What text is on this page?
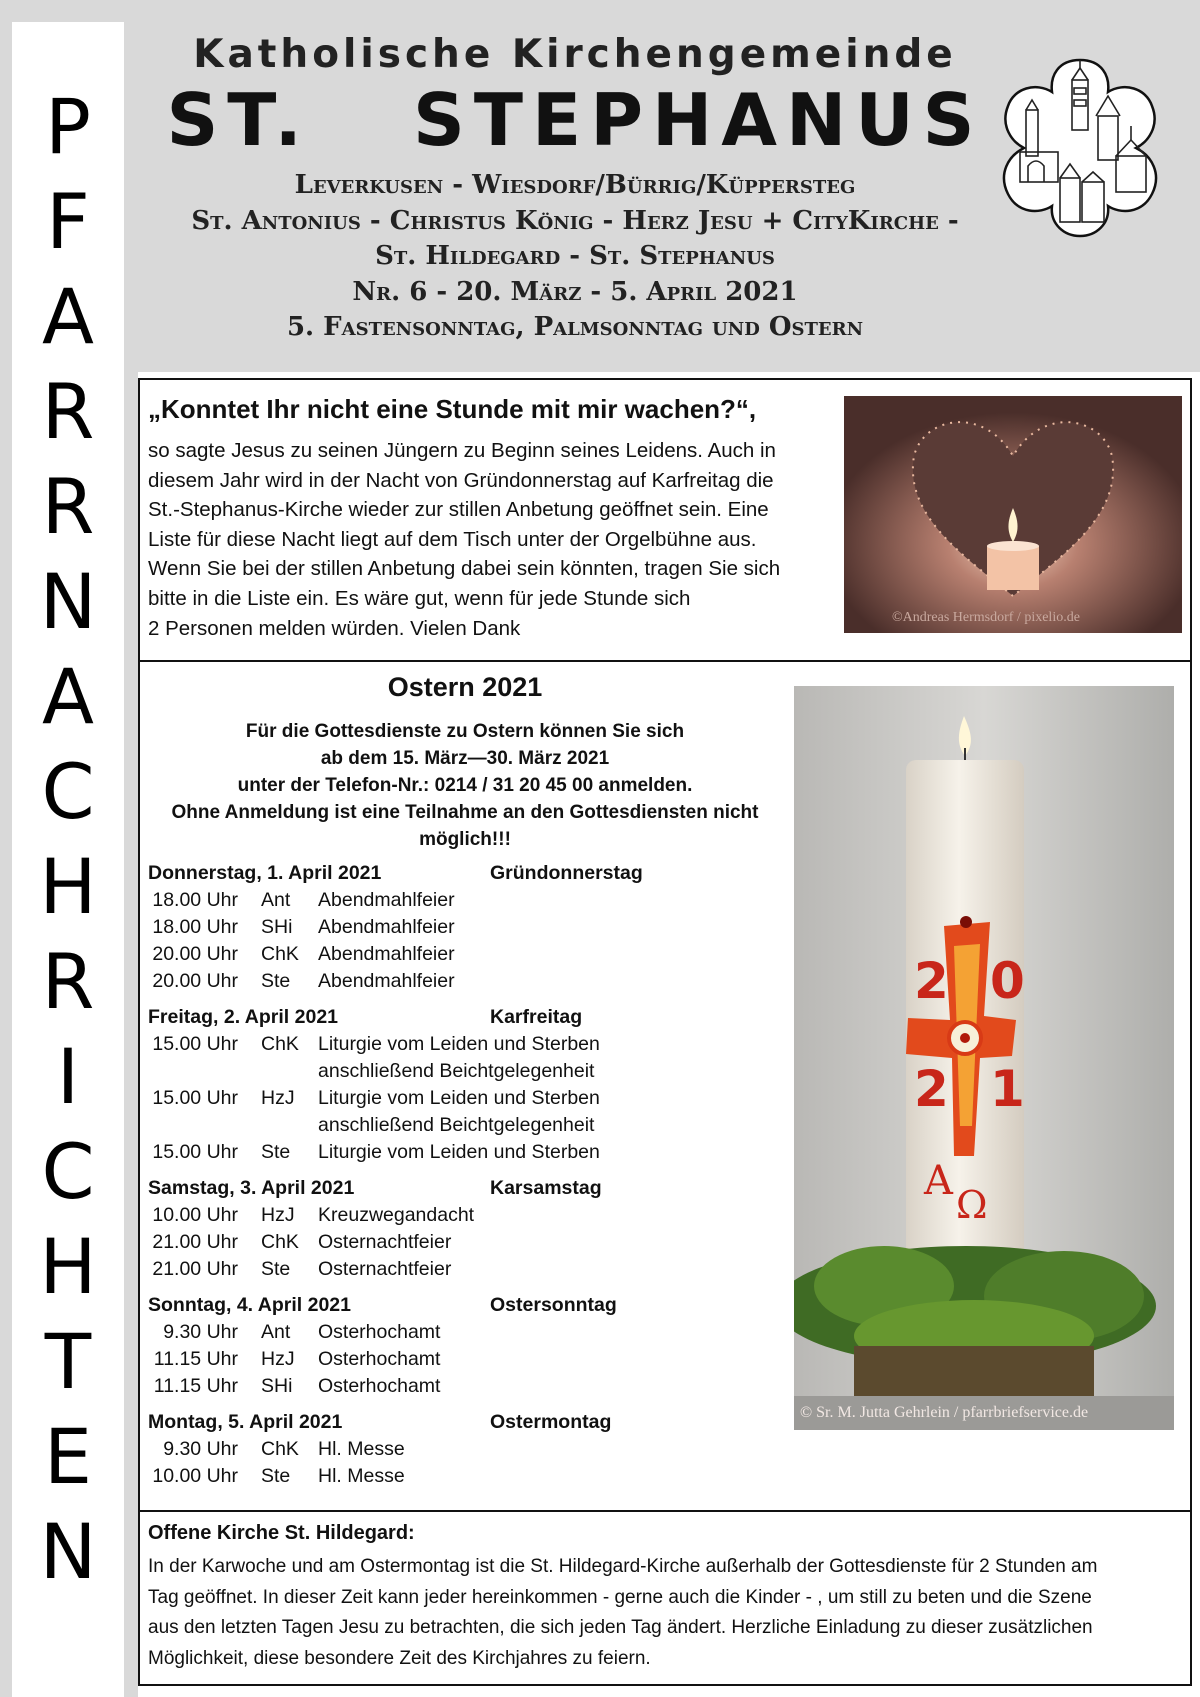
P
F
A
R
R
N
A
C
H
R
I
C
H
T
E
N
Katholische Kirchengemeinde
ST.   STEPHANUS
Leverkusen - Wiesdorf/Bürrig/Küppersteg
St. Antonius - Christus König - Herz Jesu + CityKirche -
St. Hildegard - St. Stephanus
Nr. 6 - 20. März - 5. April 2021
5. Fastensonntag, Palmsonntag und Ostern
„Konntet Ihr nicht eine Stunde mit mir wachen?“,
so sagte Jesus zu seinen Jüngern zu Beginn seines Leidens. Auch in
diesem Jahr wird in der Nacht von Gründonnerstag auf Karfreitag die
St.-Stephanus-Kirche wieder zur stillen Anbetung geöffnet sein. Eine
Liste für diese Nacht liegt auf dem Tisch unter der Orgelbühne aus.
Wenn Sie bei der stillen Anbetung dabei sein könnten, tragen Sie sich
bitte in die Liste ein. Es wäre gut, wenn für jede Stunde sich
2 Personen melden würden. Vielen Dank	©Andreas Hermsdorf / pixelio.de
Ostern 2021
Für die Gottesdienste zu Ostern können Sie sich
ab dem 15. März—30. März 2021
unter der Telefon-Nr.: 0214 / 31 20 45 00 anmelden.
Ohne Anmeldung ist eine Teilnahme an den Gottesdiensten nicht
möglich!!!
Donnerstag, 1. April 2021	Gründonnerstag
18.00 Uhr Ant Abendmahlfeier
18.00 Uhr SHi Abendmahlfeier
20.00 Uhr ChK Abendmahlfeier
20.00 Uhr Ste Abendmahlfeier
Freitag, 2. April 2021	Karfreitag
15.00 Uhr ChK Liturgie vom Leiden und Sterben
anschließend Beichtgelegenheit
15.00 Uhr HzJ Liturgie vom Leiden und Sterben
anschließend Beichtgelegenheit
15.00 Uhr Ste Liturgie vom Leiden und Sterben
Samstag, 3. April 2021	Karsamstag
10.00 Uhr HzJ Kreuzwegandacht
21.00 Uhr ChK Osternachtfeier
21.00 Uhr Ste Osternachtfeier
Sonntag, 4. April 2021	Ostersonntag
9.30 Uhr Ant Osterhochamt
11.15 Uhr HzJ Osterhochamt
11.15 Uhr SHi Osterhochamt
Montag, 5. April 2021	Ostermontag
9.30 Uhr ChK Hl. Messe
10.00 Uhr Ste Hl. Messe
2 0
2 1
A
Ω
© Sr. M. Jutta Gehrlein / pfarrbriefservice.de
Offene Kirche St. Hildegard:
In der Karwoche und am Ostermontag ist die St. Hildegard-Kirche außerhalb der Gottesdienste für 2 Stunden am
Tag geöffnet. In dieser Zeit kann jeder hereinkommen - gerne auch die Kinder - , um still zu beten und die Szene
aus den letzten Tagen Jesu zu betrachten, die sich jeden Tag ändert. Herzliche Einladung zu dieser zusätzlichen
Möglichkeit, diese besondere Zeit des Kirchjahres zu feiern.
